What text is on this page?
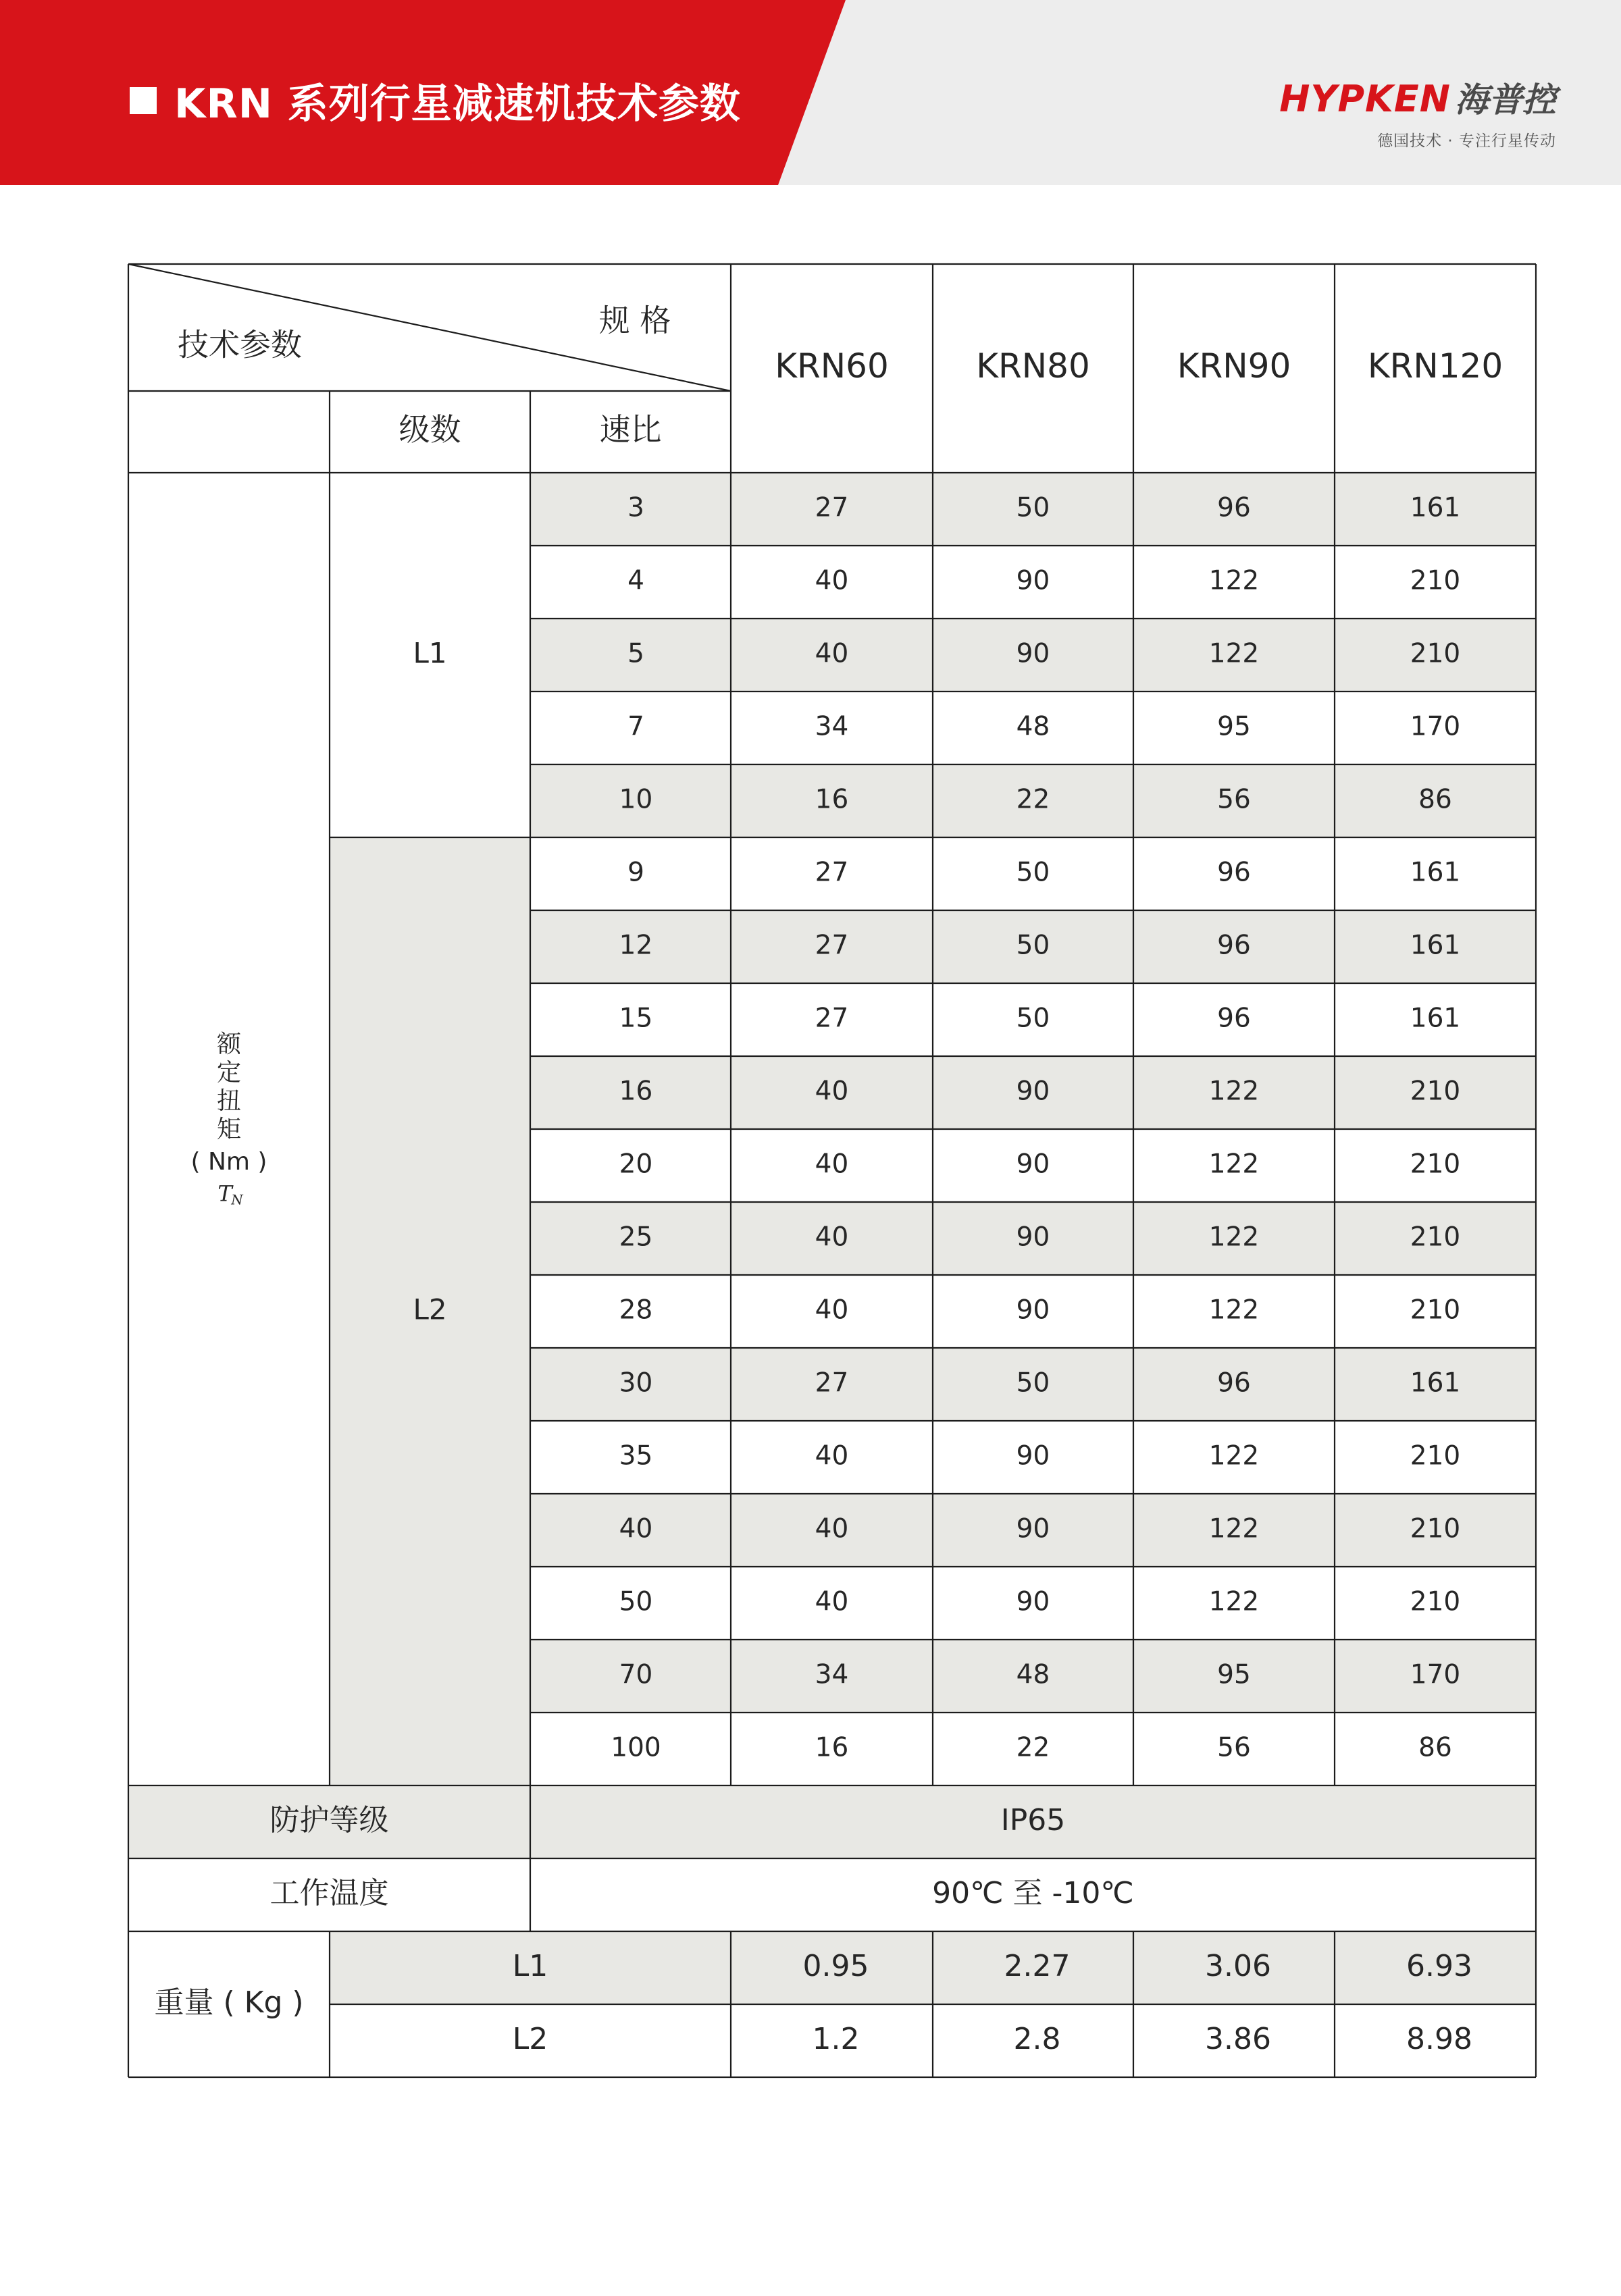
KRN 系列行星减速机技术参数	HYPKEN 海普控
德国技术 · 专注行星传动
规 格
技术参数
级数	速比
KRN60	KRN80	KRN90 KRN120
额
定
扭
矩
( Nm )
T
N
L1
L2
3	27	50	96	161
4	40	90	122	210
5	40	90	122	210
7	34	48	95	170
10	16	22	56	86
9	27	50	96	161
12	27	50	96	161
15	27	50	96	161
16	40	90	122	210
20	40	90	122	210
25	40	90	122	210
28	40	90	122	210
30	27	50	96	161
35	40	90	122	210
40	40	90	122	210
50	40	90	122	210
70	34	48	95	170
100	16	22	56	86
防护等级	IP65
工作温度	90℃ 至 -10℃
重量 ( Kg )
L1	0.95	2.27	3.06	6.93
L2	1.2	2.8	3.86	8.98
